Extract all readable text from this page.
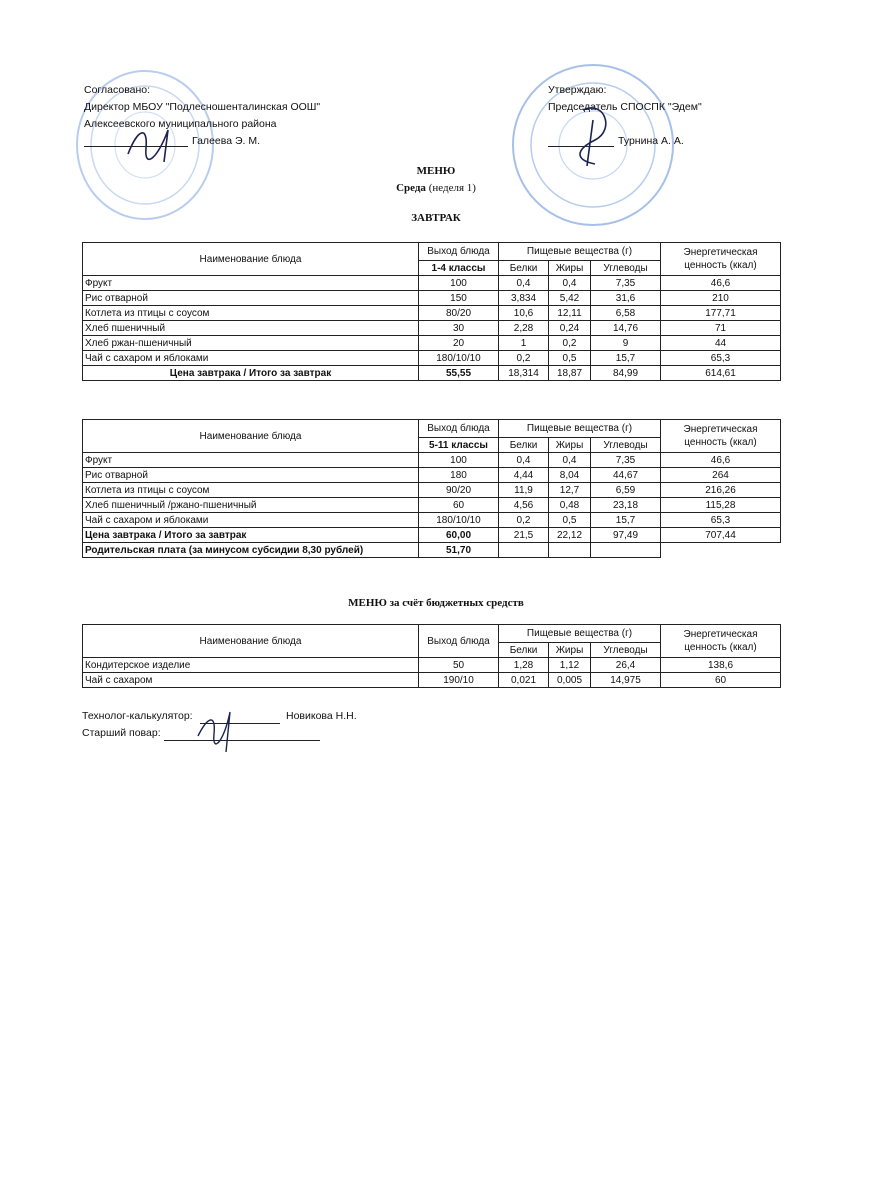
Согласовано:
Директор МБОУ "Подлесношенталинская ООШ"
Алексеевского муниципального района
Галеева Э. М.
Утверждаю:
Председатель СПОСПК "Эдем"
Турнина А. А.
МЕНЮ
Среда (неделя 1)
ЗАВТРАК
Наименование блюда	Выход блюда	Пищевые вещества (г)			Энергетическая
ценность (ккал)

	1-4 классы	Белки	Жиры	Углеводы	
Фрукт	100	0,4	0,4	7,35	46,6
Рис отварной	150	3,834	5,42	31,6	210
Котлета из птицы с соусом	80/20	10,6	12,11	6,58	177,71
Хлеб пшеничный	30	2,28	0,24	14,76	71
Хлеб ржан-пшеничный	20	1	0,2	9	44
Чай с сахаром и яблоками	180/10/10	0,2	0,5	15,7	65,3
Цена завтрака / Итого за завтрак	55,55	18,314	18,87	84,99	614,61
Наименование блюда	Выход блюда	Пищевые вещества (г)			Энергетическая
ценность (ккал)

	5-11 классы	Белки	Жиры	Углеводы	
Фрукт	100	0,4	0,4	7,35	46,6
Рис отварной	180	4,44	8,04	44,67	264
Котлета из птицы с соусом	90/20	11,9	12,7	6,59	216,26
Хлеб пшеничный /ржано-пшеничный	60	4,56	0,48	23,18	115,28
Чай с сахаром и яблоками	180/10/10	0,2	0,5	15,7	65,3
Цена завтрака / Итого за завтрак	60,00	21,5	22,12	97,49	707,44
Родительская плата (за минусом субсидии 8,30 рублей)	51,70				
МЕНЮ за счёт бюджетных средств
Наименование блюда	Выход блюда	Пищевые вещества (г)			Энергетическая
ценность (ккал)

		Белки	Жиры	Углеводы	
Кондитерское изделие	50	1,28	1,12	26,4	138,6
Чай с сахаром	190/10	0,021	0,005	14,975	60
Технолог-калькулятор:	Новикова Н.Н.
Старший повар:
